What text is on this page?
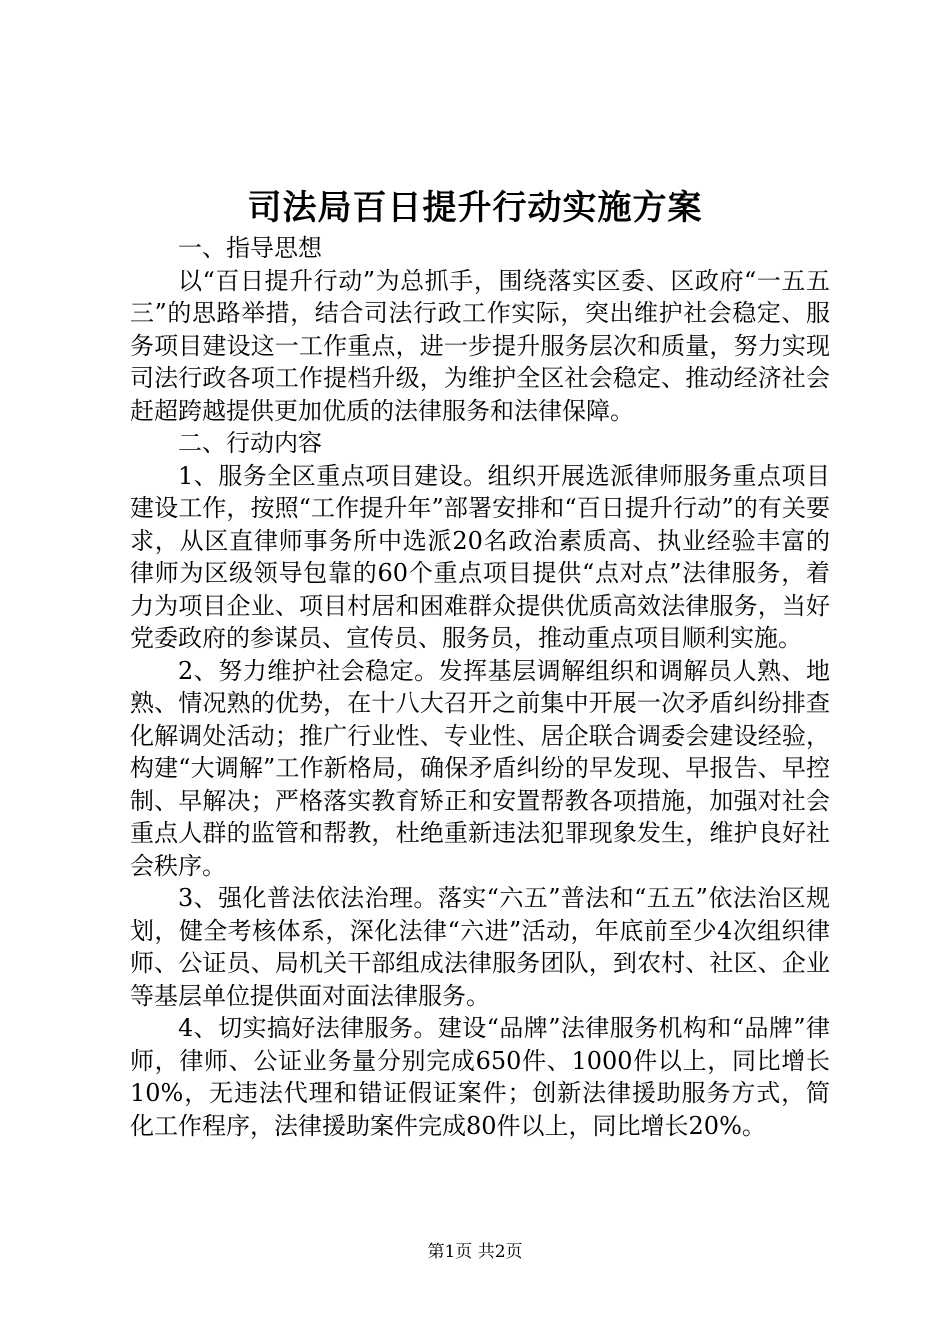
司法局百日提升行动实施方案

一、指导思想

以“百日提升行动”为总抓手，围绕落实区委、区政府“一五五三”的思路举措，结合司法行政工作实际，突出维护社会稳定、服务项目建设这一工作重点，进一步提升服务层次和质量，努力实现司法行政各项工作提档升级，为维护全区社会稳定、推动经济社会赶超跨越提供更加优质的法律服务和法律保障。

二、行动内容

1、服务全区重点项目建设。组织开展选派律师服务重点项目建设工作，按照“工作提升年”部署安排和“百日提升行动”的有关要求，从区直律师事务所中选派20名政治素质高、执业经验丰富的律师为区级领导包靠的60个重点项目提供“点对点”法律服务，着力为项目企业、项目村居和困难群众提供优质高效法律服务，当好党委政府的参谋员、宣传员、服务员，推动重点项目顺利实施。

2、努力维护社会稳定。发挥基层调解组织和调解员人熟、地熟、情况熟的优势，在十八大召开之前集中开展一次矛盾纠纷排查化解调处活动；推广行业性、专业性、居企联合调委会建设经验，构建“大调解”工作新格局，确保矛盾纠纷的早发现、早报告、早控制、早解决；严格落实教育矫正和安置帮教各项措施，加强对社会重点人群的监管和帮教，杜绝重新违法犯罪现象发生，维护良好社会秩序。

3、强化普法依法治理。落实“六五”普法和“五五”依法治区规划，健全考核体系，深化法律“六进”活动，年底前至少4次组织律师、公证员、局机关干部组成法律服务团队，到农村、社区、企业等基层单位提供面对面法律服务。

4、切实搞好法律服务。建设“品牌”法律服务机构和“品牌”律师，律师、公证业务量分别完成650件、1000件以上，同比增长10%，无违法代理和错证假证案件；创新法律援助服务方式，简化工作程序，法律援助案件完成80件以上，同比增长20%。

第1页 共2页
